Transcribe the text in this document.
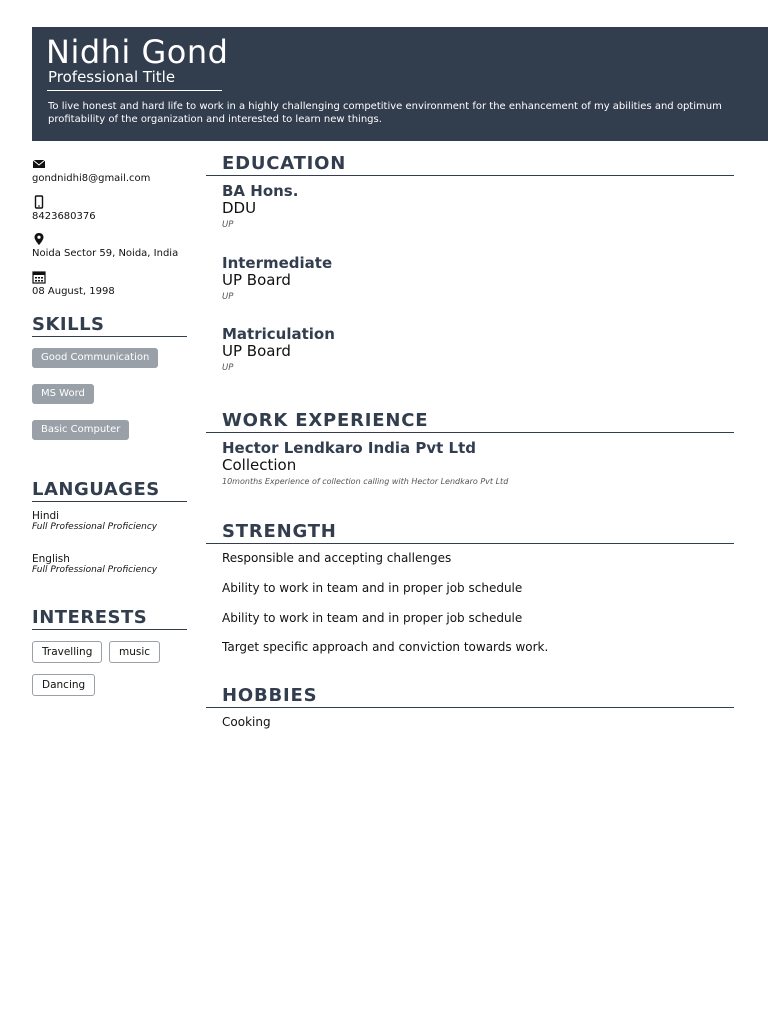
Nidhi Gond
Professional Title
To live honest and hard life to work in a highly challenging competitive environment for the enhancement of my abilities and optimum profitability of the organization and interested to learn new things.
gondnidhi8@gmail.com
8423680376
Noida Sector 59, Noida, India
08 August, 1998
SKILLS
Good Communication
MS Word
Basic Computer
LANGUAGES
Hindi
Full Professional Proficiency
English
Full Professional Proficiency
INTERESTS
Travelling	music
Dancing
EDUCATION
BA Hons.
DDU
UP
Intermediate
UP Board
UP
Matriculation
UP Board
UP
WORK EXPERIENCE
Hector Lendkaro India Pvt Ltd
Collection
10months Experience of collection calling with Hector Lendkaro Pvt Ltd
STRENGTH
Responsible and accepting challenges
Ability to work in team and in proper job schedule
Ability to work in team and in proper job schedule
Target specific approach and conviction towards work.
HOBBIES
Cooking
